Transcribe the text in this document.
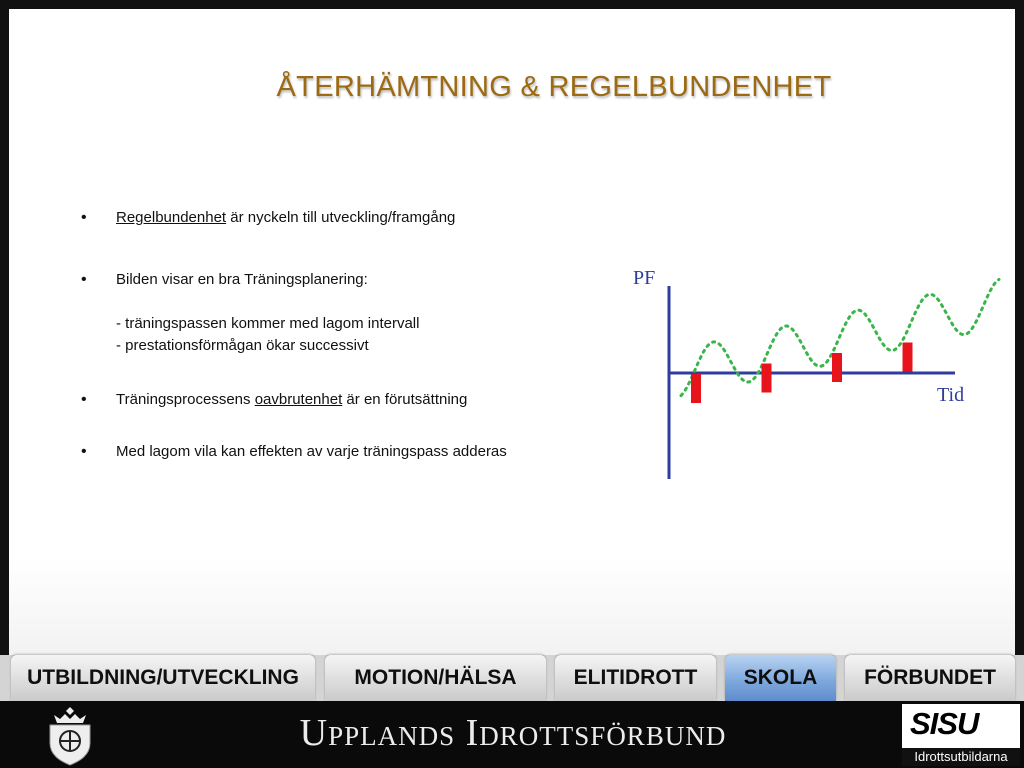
ÅTERHÄMTNING & REGELBUNDENHET
•	Regelbundenhet är nyckeln till utveckling/framgång
•	Bilden visar en bra Träningsplanering:
- träningspassen kommer med lagom intervall
- prestationsförmågan ökar successivt
•	Träningsprocessens oavbrutenhet är en förutsättning
•	Med lagom vila kan effekten av varje träningspass adderas
PF
Tid
UTBILDNING/UTVECKLING	MOTION/HÄLSA	ELITIDROTT SKOLA FÖRBUNDET
Upplands Idrottsförbund	SISU
Idrottsutbildarna
